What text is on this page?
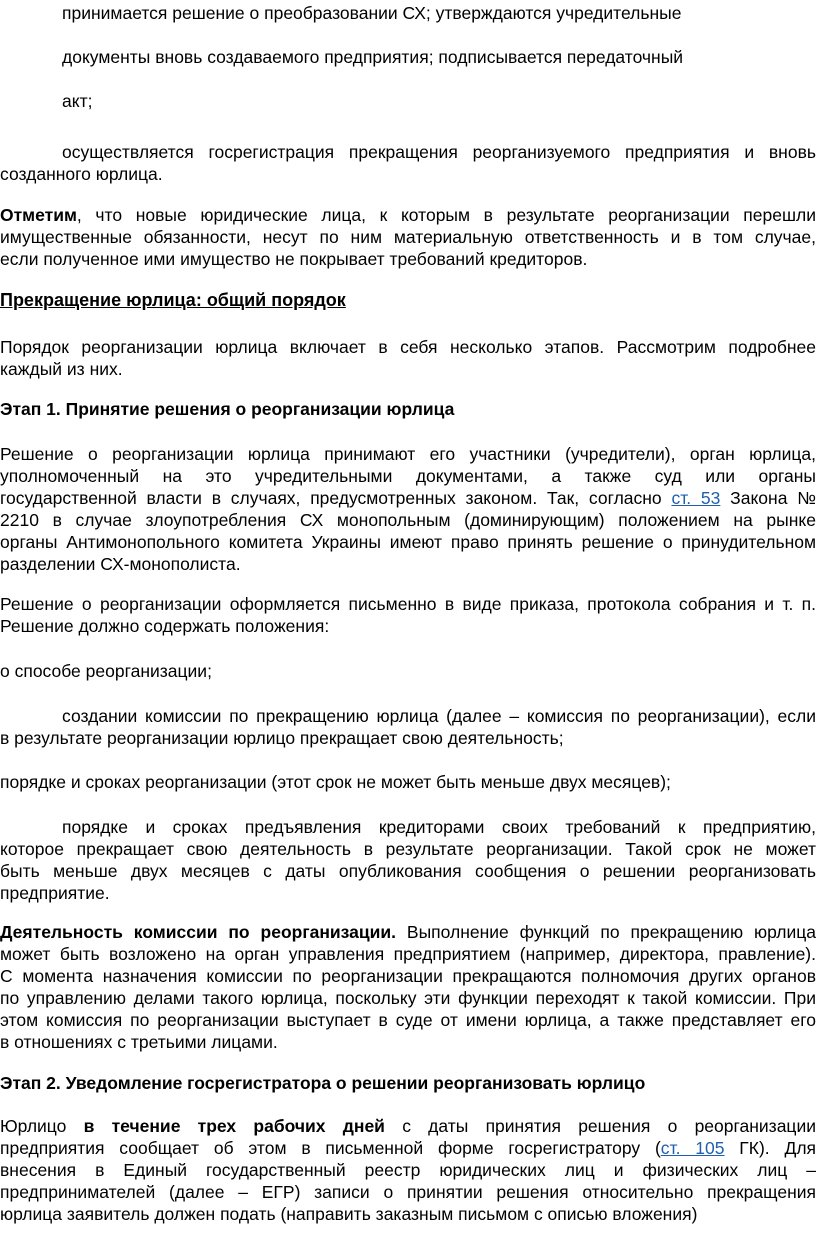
принимается решение о преобразовании СХ; утверждаются учредительные
документы вновь создаваемого предприятия; подписывается передаточный
акт;
осуществляется госрегистрация прекращения реорганизуемого предприятия и вновь
созданного юрлица.
Отметим, что новые юридические лица, к которым в результате реорганизации перешли
имущественные обязанности, несут по ним материальную ответственность и в том случае,
если полученное ими имущество не покрывает требований кредиторов.
Прекращение юрлица: общий порядок
Порядок реорганизации юрлица включает в себя несколько этапов. Рассмотрим подробнее
каждый из них.
Этап 1. Принятие решения о реорганизации юрлица
Решение о реорганизации юрлица принимают его участники (учредители), орган юрлица,
уполномоченный на это учредительными документами, а также суд или органы
государственной власти в случаях, предусмотренных законом. Так, согласно ст. 53 Закона №
2210 в случае злоупотребления СХ монопольным (доминирующим) положением на рынке
органы Антимонопольного комитета Украины имеют право принять решение о принудительном
разделении СХ-монополиста.
Решение о реорганизации оформляется письменно в виде приказа, протокола собрания и т. п.
Решение должно содержать положения:
о способе реорганизации;
создании комиссии по прекращению юрлица (далее – комиссия по реорганизации), если
в результате реорганизации юрлицо прекращает свою деятельность;
порядке и сроках реорганизации (этот срок не может быть меньше двух месяцев);
порядке и сроках предъявления кредиторами своих требований к предприятию,
которое прекращает свою деятельность в результате реорганизации. Такой срок не может
быть меньше двух месяцев с даты опубликования сообщения о решении реорганизовать
предприятие.
Деятельность комиссии по реорганизации. Выполнение функций по прекращению юрлица
может быть возложено на орган управления предприятием (например, директора, правление).
С момента назначения комиссии по реорганизации прекращаются полномочия других органов
по управлению делами такого юрлица, поскольку эти функции переходят к такой комиссии. При
этом комиссия по реорганизации выступает в суде от имени юрлица, а также представляет его
в отношениях с третьими лицами.
Этап 2. Уведомление госрегистратора о решении реорганизовать юрлицо
Юрлицо в течение трех рабочих дней с даты принятия решения о реорганизации
предприятия сообщает об этом в письменной форме госрегистратору (ст. 105 ГК). Для
внесения в Единый государственный реестр юридических лиц и физических лиц –
предпринимателей (далее – ЕГР) записи о принятии решения относительно прекращения
юрлица заявитель должен подать (направить заказным письмом с описью вложения)
